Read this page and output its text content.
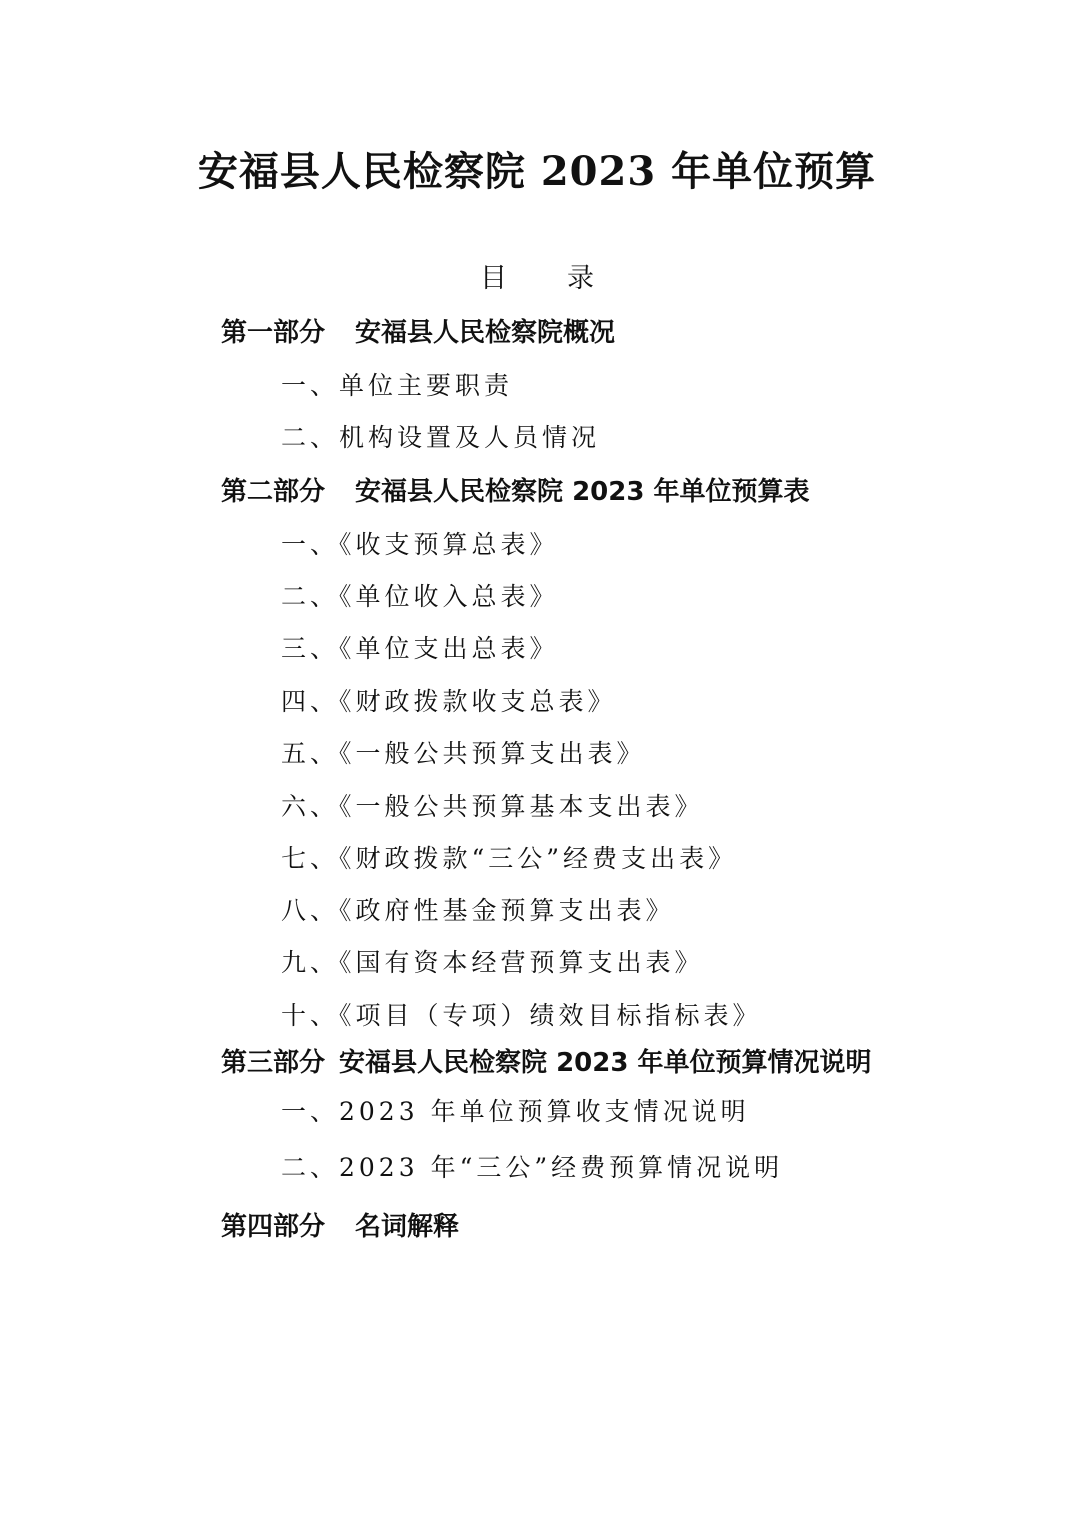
安福县人民检察院 2023 年单位预算
目录
第一部分 安福县人民检察院概况
一、单位主要职责
二、机构设置及人员情况
第二部分 安福县人民检察院 2023 年单位预算表
一、《收支预算总表》
二、《单位收入总表》
三、《单位支出总表》
四、《财政拨款收支总表》
五、《一般公共预算支出表》
六、《一般公共预算基本支出表》
七、《财政拨款“三公”经费支出表》
八、《政府性基金预算支出表》
九、《国有资本经营预算支出表》
十、《项目（专项）绩效目标指标表》
第三部分 安福县人民检察院 2023 年单位预算情况说明
一、2023 年单位预算收支情况说明
二、2023 年“三公”经费预算情况说明
第四部分 名词解释
